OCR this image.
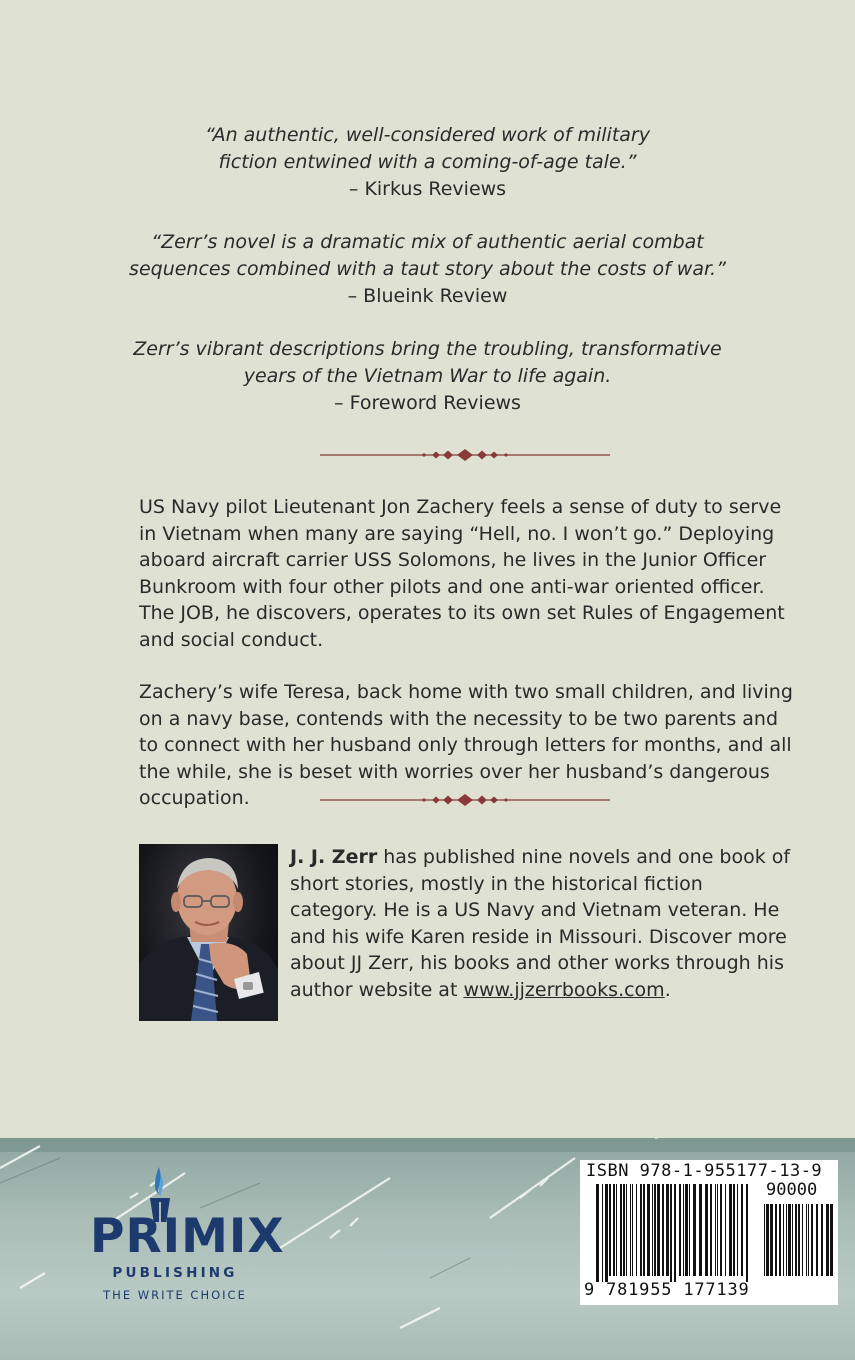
“An authentic, well-considered work of military
fiction entwined with a coming-of-age tale.”
– Kirkus Reviews
“Zerr’s novel is a dramatic mix of authentic aerial combat
sequences combined with a taut story about the costs of war.”
– Blueink Review
Zerr’s vibrant descriptions bring the troubling, transformative
years of the Vietnam War to life again.
– Foreword Reviews

US Navy pilot Lieutenant Jon Zachery feels a sense of duty to serve in Vietnam when many are saying “Hell, no. I won’t go.” Deploying aboard aircraft carrier USS Solomons, he lives in the Junior Officer Bunkroom with four other pilots and one anti-war oriented officer. The JOB, he discovers, operates to its own set Rules of Engagement and social conduct.

Zachery’s wife Teresa, back home with two small children, and living on a navy base, contends with the necessity to be two parents and to connect with her husband only through letters for months, and all the while, she is beset with worries over her husband’s dangerous occupation.

J. J. Zerr has published nine novels and one book of short stories, mostly in the historical fiction category. He is a US Navy and Vietnam veteran. He and his wife Karen reside in Missouri. Discover more about JJ Zerr, his books and other works through his author website at www.jjzerrbooks.com.
PRIMIX
PUBLISHING
THE WRITE CHOICE
ISBN 978-1-955177-13-9
90000
9 781955 177139
